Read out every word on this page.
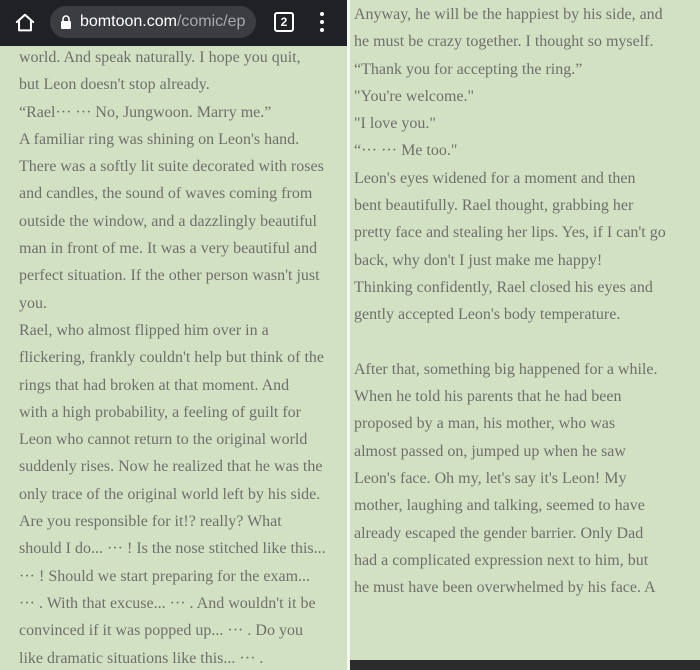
world. And speak naturally. I hope you quit,

but Leon doesn't stop already.

“Rael··· ··· No, Jungwoon. Marry me.”

A familiar ring was shining on Leon's hand.

There was a softly lit suite decorated with roses

and candles, the sound of waves coming from

outside the window, and a dazzlingly beautiful

man in front of me. It was a very beautiful and

perfect situation. If the other person wasn't just

you.

Rael, who almost flipped him over in a

flickering, frankly couldn't help but think of the

rings that had broken at that moment. And

with a high probability, a feeling of guilt for

Leon who cannot return to the original world

suddenly rises. Now he realized that he was the

only trace of the original world left by his side.

Are you responsible for it!? really? What

should I do... ··· ! Is the nose stitched like this...

··· ! Should we start preparing for the exam...

··· . With that excuse... ··· . And wouldn't it be

convinced if it was popped up... ··· . Do you

like dramatic situations like this... ··· .

Anyway, he will be the happiest by his side, and

he must be crazy together. I thought so myself.

“Thank you for accepting the ring.”

"You're welcome."

"I love you."

“··· ··· Me too."

Leon's eyes widened for a moment and then

bent beautifully. Rael thought, grabbing her

pretty face and stealing her lips. Yes, if I can't go

back, why don't I just make me happy!

Thinking confidently, Rael closed his eyes and

gently accepted Leon's body temperature.

After that, something big happened for a while.

When he told his parents that he had been

proposed by a man, his mother, who was

almost passed on, jumped up when he saw

Leon's face. Oh my, let's say it's Leon! My

mother, laughing and talking, seemed to have

already escaped the gender barrier. Only Dad

had a complicated expression next to him, but

he must have been overwhelmed by his face. A

bomtoon.com/comic/ep	2
